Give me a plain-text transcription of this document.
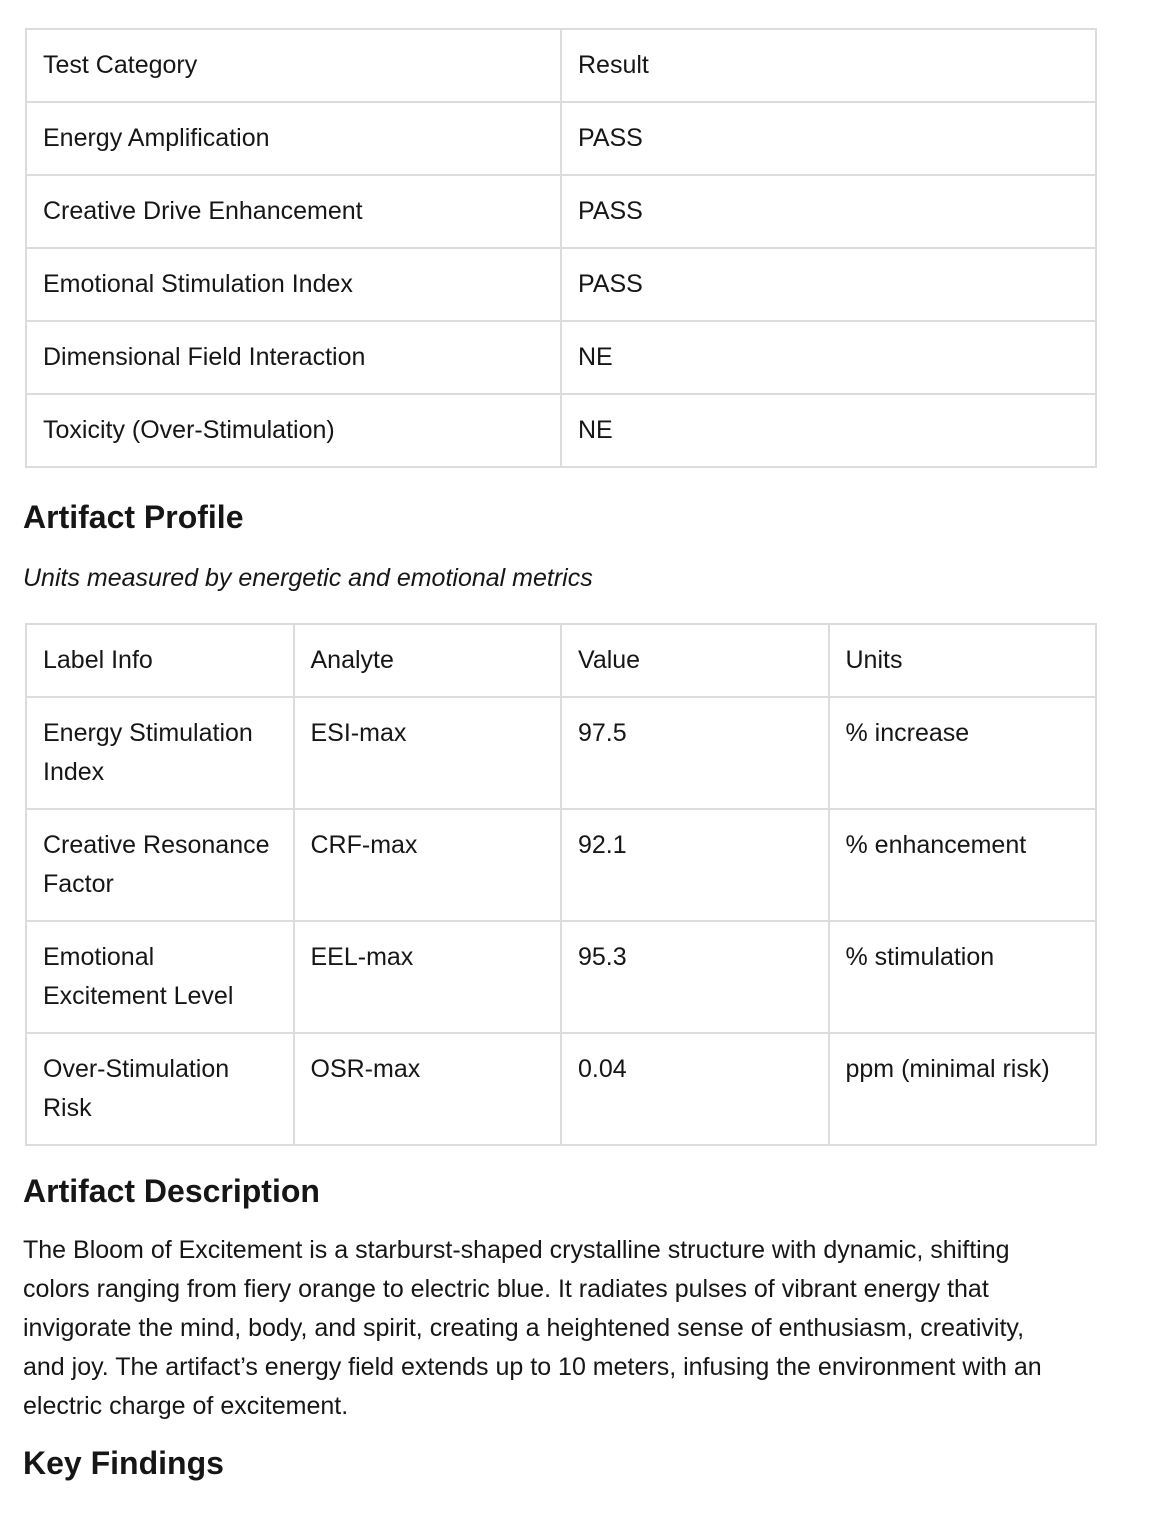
Test Category	Result
Energy Amplification	PASS
Creative Drive Enhancement	PASS
Emotional Stimulation Index	PASS
Dimensional Field Interaction	NE
Toxicity (Over-Stimulation)	NE
Artifact Profile

Units measured by energetic and emotional metrics

Label Info	Analyte	Value	Units
Energy Stimulation Index	ESI-max	97.5	% increase
Creative Resonance Factor	CRF-max	92.1	% enhancement
Emotional Excitement Level	EEL-max	95.3	% stimulation
Over-Stimulation Risk	OSR-max	0.04	ppm (minimal risk)
Artifact Description

The Bloom of Excitement is a starburst-shaped crystalline structure with dynamic, shifting colors ranging from fiery orange to electric blue. It radiates pulses of vibrant energy that invigorate the mind, body, and spirit, creating a heightened sense of enthusiasm, creativity, and joy. The artifact’s energy field extends up to 10 meters, infusing the environment with an electric charge of excitement.

Key Findings
